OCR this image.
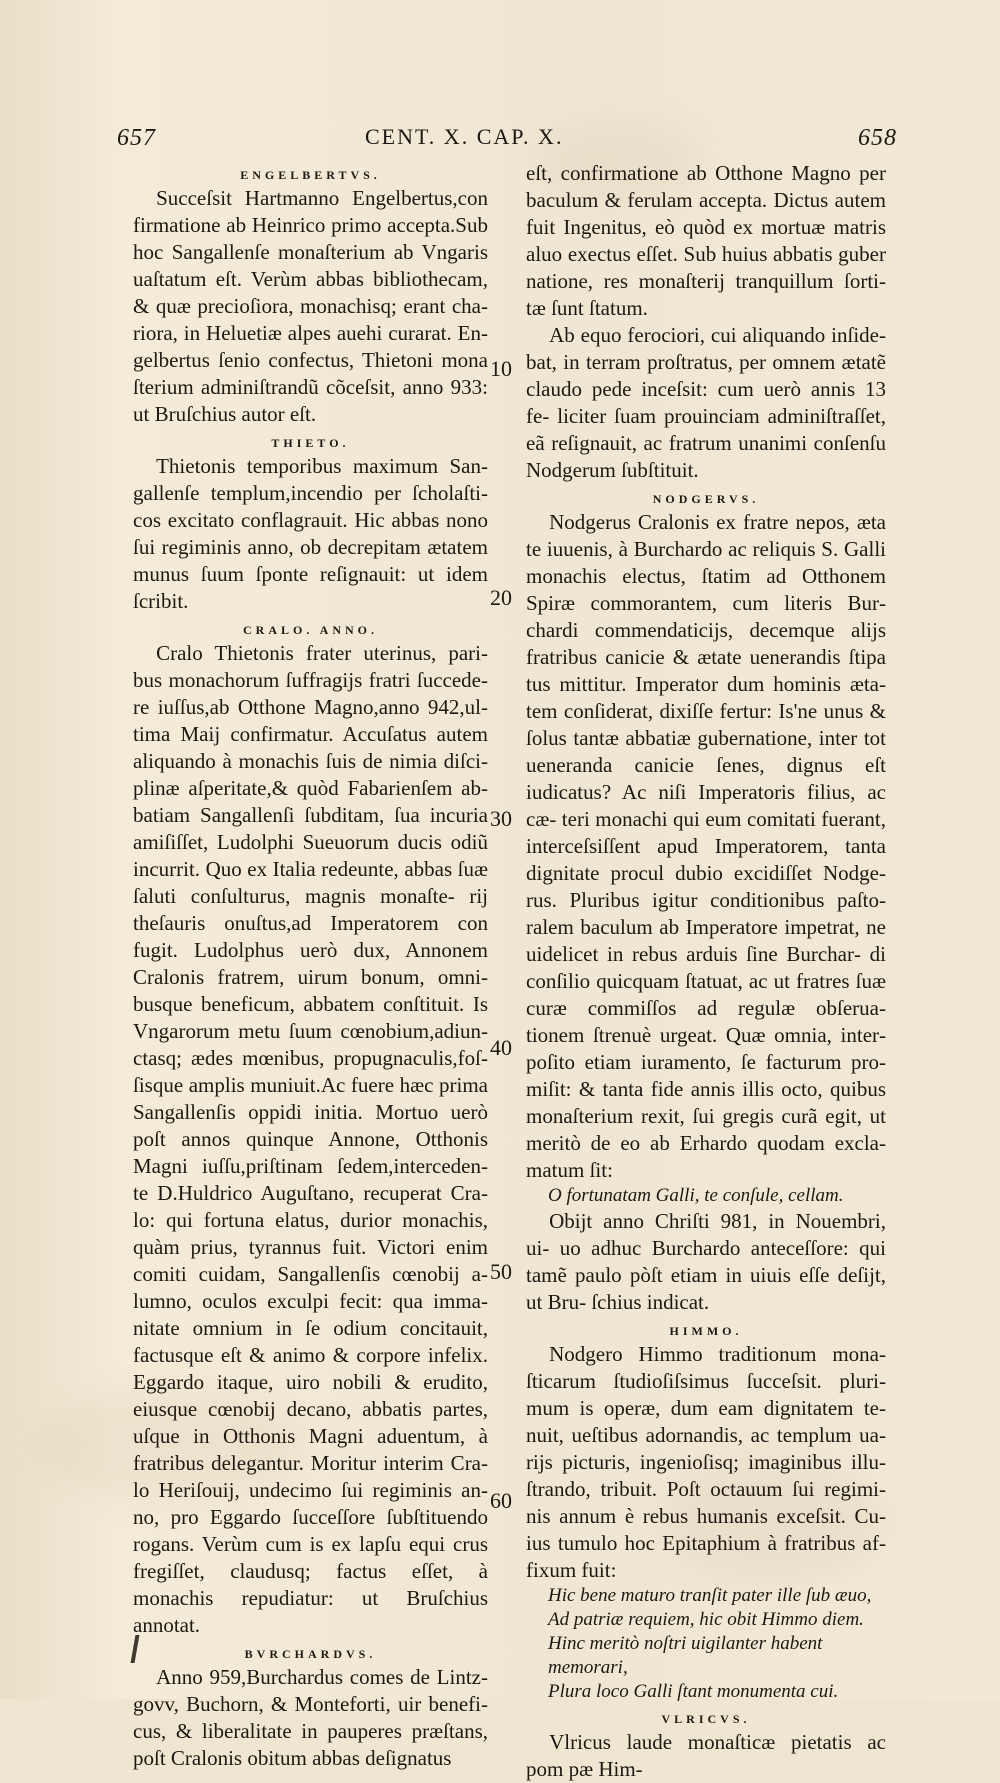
657	CENT. X. CAP. X.	658
ENGELBERTVS.

Succeſsit Hartmanno Engelbertus,con firmatione ab Heinrico primo accepta.Sub hoc Sangallenſe monaſterium ab Vngaris uaſtatum eſt. Verùm abbas bibliothecam, & quæ precioſiora, monachisq; erant cha‑ riora, in Heluetiæ alpes auehi curarat. En‑ gelbertus ſenio confectus, Thietoni mona ſterium adminiſtrandũ cõceſsit, anno 933: ut Bruſchius autor eſt.

THIETO.

Thietonis temporibus maximum San‑ gallenſe templum,incendio per ſcholaſti‑ cos excitato conflagrauit. Hic abbas nono ſui regiminis anno, ob decrepitam ætatem munus ſuum ſponte reſignauit: ut idem ſcribit.

CRALO. ANNO.

Cralo Thietonis frater uterinus, pari‑ bus monachorum ſuffragijs fratri ſuccede‑ re iuſſus,ab Otthone Magno,anno 942,ul‑ tima Maij confirmatur. Accuſatus autem aliquando à monachis ſuis de nimia diſci‑ plinæ aſperitate,& quòd Fabarienſem ab‑ batiam Sangallenſi ſubditam, ſua incuria amiſiſſet, Ludolphi Sueuorum ducis odiũ incurrit. Quo ex Italia redeunte, abbas ſuæ ſaluti conſulturus, magnis monaſte‑ rij theſauris onuſtus,ad Imperatorem con fugit. Ludolphus uerò dux, Annonem Cralonis fratrem, uirum bonum, omni‑ busque beneficum, abbatem conſtituit. Is Vngarorum metu ſuum cœnobium,adiun‑ ctasq; ædes mœnibus, propugnaculis,foſ‑ ſisque amplis muniuit.Ac fuere hæc prima Sangallenſis oppidi initia. Mortuo uerò poſt annos quinque Annone, Otthonis Magni iuſſu,priſtinam ſedem,interceden‑ te D.Huldrico Auguſtano, recuperat Cra‑ lo: qui fortuna elatus, durior monachis, quàm prius, tyrannus fuit. Victori enim comiti cuidam, Sangallenſis cœnobij a‑ lumno, oculos exculpi fecit: qua imma‑ nitate omnium in ſe odium concitauit, factusque eſt & animo & corpore infelix. Eggardo itaque, uiro nobili & erudito, eiusque cœnobij decano, abbatis partes, uſque in Otthonis Magni aduentum, à fratribus delegantur. Moritur interim Cra‑ lo Heriſouij, undecimo ſui regiminis an‑ no, pro Eggardo ſucceſſore ſubſtituendo rogans. Verùm cum is ex lapſu equi crus fregiſſet, claudusq; factus eſſet, à monachis repudiatur: ut Bruſchius annotat.

BVRCHARDVS.

Anno 959,Burchardus comes de Lintz‑ govv, Buchorn, & Monteforti, uir benefi‑ cus, & liberalitate in pauperes præſtans, poſt Cralonis obitum abbas deſignatus

eſt, confirmatione ab Otthone Magno per baculum & ferulam accepta. Dictus autem fuit Ingenitus, eò quòd ex mortuæ matris aluo exectus eſſet. Sub huius abbatis guber natione, res monaſterij tranquillum ſorti‑ tæ ſunt ſtatum.

Ab equo ferociori, cui aliquando inſide‑ bat, in terram proſtratus, per omnem ætatẽ claudo pede inceſsit: cum uerò annis 13 fe‑ liciter ſuam prouinciam adminiſtraſſet, eã reſignauit, ac fratrum unanimi conſenſu Nodgerum ſubſtituit.

NODGERVS.

Nodgerus Cralonis ex fratre nepos, æta te iuuenis, à Burchardo ac reliquis S. Galli monachis electus, ſtatim ad Otthonem Spiræ commorantem, cum literis Bur‑ chardi commendaticijs, decemque alijs fratribus canicie & ætate uenerandis ſtipa tus mittitur. Imperator dum hominis æta‑ tem conſiderat, dixiſſe fertur: Is'ne unus & ſolus tantæ abbatiæ gubernatione, inter tot ueneranda canicie ſenes, dignus eſt iudicatus? Ac niſi Imperatoris filius, ac cæ‑ teri monachi qui eum comitati fuerant, interceſsiſſent apud Imperatorem, tanta dignitate procul dubio excidiſſet Nodge‑ rus. Pluribus igitur conditionibus paſto‑ ralem baculum ab Imperatore impetrat, ne uidelicet in rebus arduis ſine Burchar‑ di conſilio quicquam ſtatuat, ac ut fratres ſuæ curæ commiſſos ad regulæ obſerua‑ tionem ſtrenuè urgeat. Quæ omnia, inter‑ poſito etiam iuramento, ſe facturum pro‑ miſit: & tanta fide annis illis octo, quibus monaſterium rexit, ſui gregis curã egit, ut meritò de eo ab Erhardo quodam excla‑ matum ſit:

O fortunatam Galli, te conſule, cellam.

Obijt anno Chriſti 981, in Nouembri, ui‑ uo adhuc Burchardo anteceſſore: qui tamẽ paulo pòſt etiam in uiuis eſſe deſijt, ut Bru‑ ſchius indicat.

HIMMO.

Nodgero Himmo traditionum mona‑ ſticarum ſtudioſiſsimus ſucceſsit. pluri‑ mum is operæ, dum eam dignitatem te‑ nuit, ueſtibus adornandis, ac templum ua‑ rijs picturis, ingenioſisq; imaginibus illu‑ ſtrando, tribuit. Poſt octauum ſui regimi‑ nis annum è rebus humanis exceſsit. Cu‑ ius tumulo hoc Epitaphium à fratribus af‑ fixum fuit:

Hic bene maturo tranſit pater ille ſub æuo,

Ad patriæ requiem, hic obit Himmo diem.

Hinc meritò noſtri uigilanter habent memorari,

Plura loco Galli ſtant monumenta cui.

VLRICVS.

Vlricus laude monaſticæ pietatis ac pom pæ Him‑

10
20
30
40
50
60
